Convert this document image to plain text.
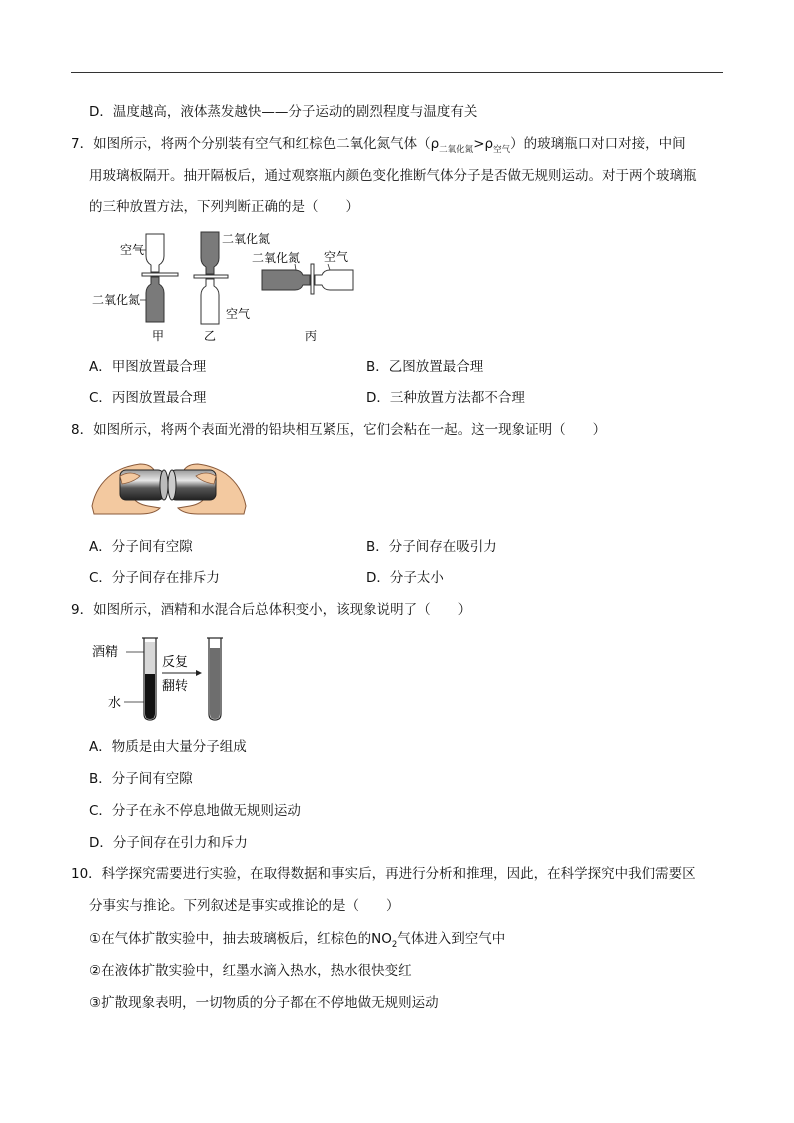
D．温度越高，液体蒸发越快——分子运动的剧烈程度与温度有关
7．如图所示，将两个分别装有空气和红棕色二氧化氮气体$(\rho_{二氧化氮}>\rho_{空气})$的玻璃瓶口对口对接，中间
用玻璃板隔开。抽开隔板后，通过观察瓶内颜色变化推断气体分子是否做无规则运动。对于两个玻璃瓶
的三种放置方法，下列判断正确的是（　　）
空气
二氧化氮
甲
二氧化氮
空气
乙
二氧化氮 空气
丙
A．甲图放置最合理	B．乙图放置最合理
C．丙图放置最合理	D．三种放置方法都不合理
8．如图所示，将两个表面光滑的铅块相互紧压，它们会粘在一起。这一现象证明（　　）
A．分子间有空隙	B．分子间存在吸引力
C．分子间存在排斥力	D．分子太小
9．如图所示，酒精和水混合后总体积变小，该现象说明了（　　）
酒精
水
反复
翻转
A．物质是由大量分子组成
B．分子间有空隙
C．分子在永不停息地做无规则运动
D．分子间存在引力和斥力
10．科学探究需要进行实验，在取得数据和事实后，再进行分析和推理，因此，在科学探究中我们需要区
分事实与推论。下列叙述是事实或推论的是（　　）
①在气体扩散实验中，抽去玻璃板后，红棕色的$NO_2$气体进入到空气中
②在液体扩散实验中，红墨水滴入热水，热水很快变红
③扩散现象表明，一切物质的分子都在不停地做无规则运动
